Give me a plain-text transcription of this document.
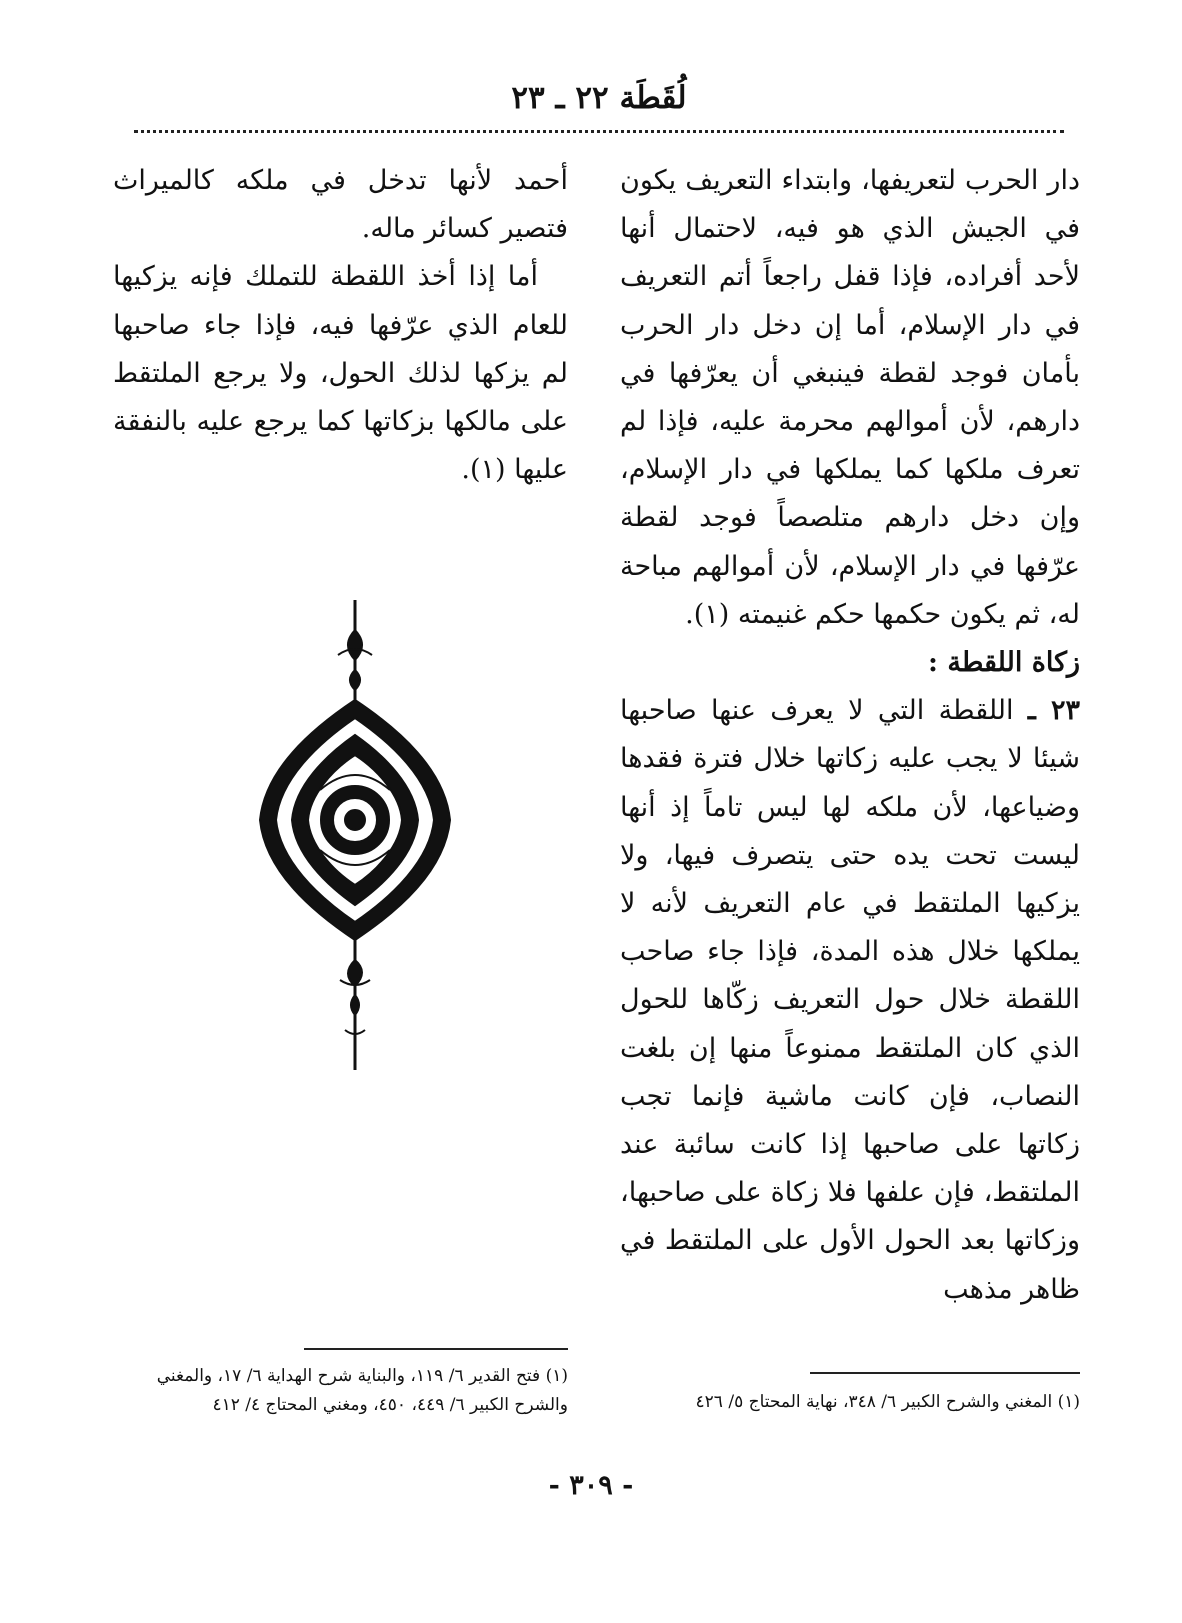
لُقَطَة ٢٢ ـ ٢٣

دار الحرب لتعريفها، وابتداء التعريف يكون في الجيش الذي هو فيه، لاحتمال أنها لأحد أفراده، فإذا قفل راجعاً أتم التعريف في دار الإسلام، أما إن دخل دار الحرب بأمان فوجد لقطة فينبغي أن يعرّفها في دارهم، لأن أموالهم محرمة عليه، فإذا لم تعرف ملكها كما يملكها في دار الإسلام، وإن دخل دارهم متلصصاً فوجد لقطة عرّفها في دار الإسلام، لأن أموالهم مباحة له، ثم يكون حكمها حكم غنيمته (١).

زكاة اللقطة :

٢٣ ـ اللقطة التي لا يعرف عنها صاحبها شيئا لا يجب عليه زكاتها خلال فترة فقدها وضياعها، لأن ملكه لها ليس تاماً إذ أنها ليست تحت يده حتى يتصرف فيها، ولا يزكيها الملتقط في عام التعريف لأنه لا يملكها خلال هذه المدة، فإذا جاء صاحب اللقطة خلال حول التعريف زكّاها للحول الذي كان الملتقط ممنوعاً منها إن بلغت النصاب، فإن كانت ماشية فإنما تجب زكاتها على صاحبها إذا كانت سائبة عند الملتقط، فإن علفها فلا زكاة على صاحبها، وزكاتها بعد الحول الأول على الملتقط في ظاهر مذهب

أحمد لأنها تدخل في ملكه كالميراث فتصير كسائر ماله.

أما إذا أخذ اللقطة للتملك فإنه يزكيها للعام الذي عرّفها فيه، فإذا جاء صاحبها لم يزكها لذلك الحول، ولا يرجع الملتقط على مالكها بزكاتها كما يرجع عليه بالنفقة عليها (١).

(١) المغني والشرح الكبير ٦/ ٣٤٨، نهاية المحتاج ٥/ ٤٢٦
(١) فتح القدير ٦/ ١١٩، والبناية شرح الهداية ٦/ ١٧، والمغني والشرح الكبير ٦/ ٤٤٩، ٤٥٠، ومغني المحتاج ٤/ ٤١٢
- ٣٠٩ -
